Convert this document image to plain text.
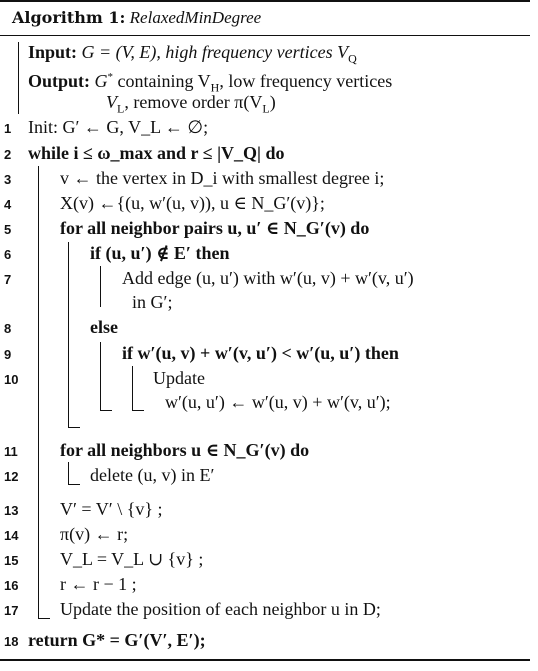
Algorithm 1: RelaxedMinDegree
Input: G = (V, E), high frequency vertices $V_Q$
Output: G* containing $V_H$, low frequency vertices
$V_L$, remove order $\pi(V_L)$
1 Init: G′ ← G, V_L ← ∅;
2 while i ≤ ω_max and r ≤ |V_Q| do
3	v ← the vertex in D_i with smallest degree i;
4	X(v) ←{(u, w′(u, v)), u ∈ N_G′(v)};
5	for all neighbor pairs u, u′ ∈ N_G′(v) do
6	if (u, u′) ∉ E′ then
7	Add edge (u, u′) with w′(u, v) + w′(v, u′)
in G′;
8	else
9	if w′(u, v) + w′(v, u′) < w′(u, u′) then
10	Update
w′(u, u′) ← w′(u, v) + w′(v, u′);
11 for all neighbors u ∈ N_G′(v) do
12	delete (u, v) in E′
13 V′ = V′ \ {v} ;
14 π(v) ← r;
15 V_L = V_L ∪ {v} ;
16 r ← r − 1 ;
17 Update the position of each neighbor u in D;
18 return G* = G′(V′, E′);
